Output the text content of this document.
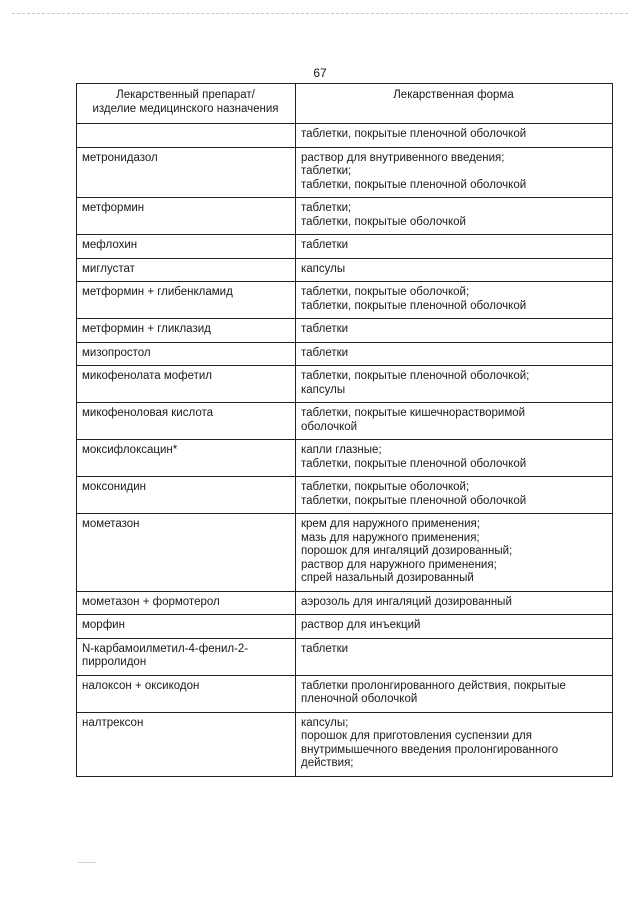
67
Лекарственный препарат/
изделие медицинского назначения	Лекарственная форма

	таблетки, покрытые пленочной оболочкой

метронидазол	раствор для внутривенного введения;
таблетки;
таблетки, покрытые пленочной оболочкой

метформин	таблетки;
таблетки, покрытые оболочкой

мефлохин	таблетки

миглустат	капсулы

метформин + глибенкламид	таблетки, покрытые оболочкой;
таблетки, покрытые пленочной оболочкой

метформин + гликлазид	таблетки

мизопростол	таблетки

микофенолата мофетил	таблетки, покрытые пленочной оболочкой;
капсулы

микофеноловая кислота	таблетки, покрытые кишечнорастворимой
оболочкой

моксифлоксацин*	капли глазные;
таблетки, покрытые пленочной оболочкой

моксонидин	таблетки, покрытые оболочкой;
таблетки, покрытые пленочной оболочкой

мометазон	крем для наружного применения;
мазь для наружного применения;
порошок для ингаляций дозированный;
раствор для наружного применения;
спрей назальный дозированный

мометазон + формотерол	аэрозоль для ингаляций дозированный

морфин	раствор для инъекций

N-карбамоилметил-4-фенил-2-
пирролидон	таблетки

налоксон + оксикодон	таблетки пролонгированного действия, покрытые
пленочной оболочкой

налтрексон	капсулы;
порошок для приготовления суспензии для
внутримышечного введения пролонгированного
действия;
